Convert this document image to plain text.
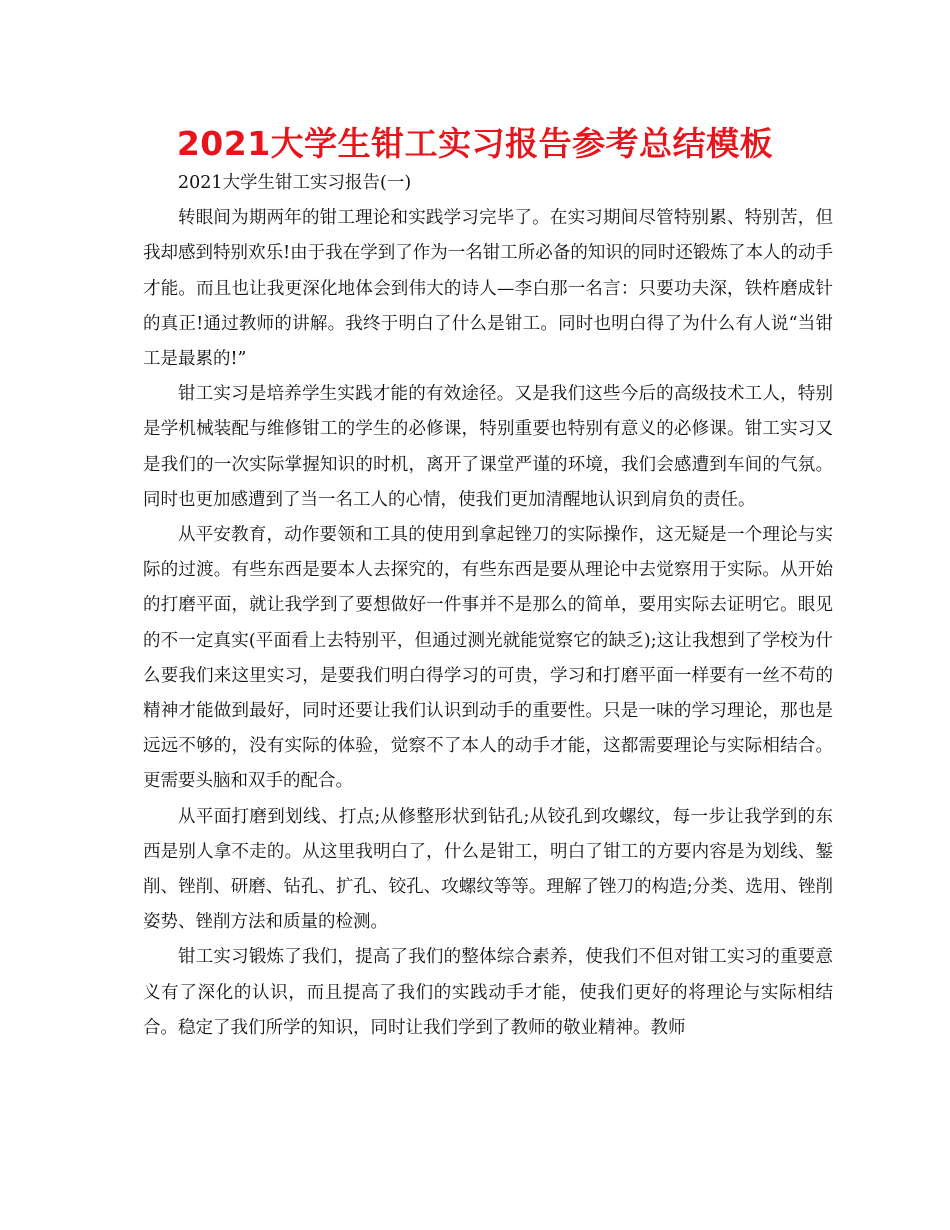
2021大学生钳工实习报告参考总结模板

2021大学生钳工实习报告(一)

转眼间为期两年的钳工理论和实践学习完毕了。在实习期间尽管特别累、特别苦，但我却感到特别欢乐!由于我在学到了作为一名钳工所必备的知识的同时还锻炼了本人的动手才能。而且也让我更深化地体会到伟大的诗人—李白那一名言：只要功夫深，铁杵磨成针的真正!通过教师的讲解。我终于明白了什么是钳工。同时也明白得了为什么有人说“当钳工是最累的!”

钳工实习是培养学生实践才能的有效途径。又是我们这些今后的高级技术工人，特别是学机械装配与维修钳工的学生的必修课，特别重要也特别有意义的必修课。钳工实习又是我们的一次实际掌握知识的时机，离开了课堂严谨的环境，我们会感遭到车间的气氛。同时也更加感遭到了当一名工人的心情，使我们更加清醒地认识到肩负的责任。

从平安教育，动作要领和工具的使用到拿起锉刀的实际操作，这无疑是一个理论与实际的过渡。有些东西是要本人去探究的，有些东西是要从理论中去觉察用于实际。从开始的打磨平面，就让我学到了要想做好一件事并不是那么的简单，要用实际去证明它。眼见的不一定真实(平面看上去特别平，但通过测光就能觉察它的缺乏);这让我想到了学校为什么要我们来这里实习，是要我们明白得学习的可贵，学习和打磨平面一样要有一丝不苟的精神才能做到最好，同时还要让我们认识到动手的重要性。只是一味的学习理论，那也是远远不够的，没有实际的体验，觉察不了本人的动手才能，这都需要理论与实际相结合。更需要头脑和双手的配合。

从平面打磨到划线、打点;从修整形状到钻孔;从铰孔到攻螺纹，每一步让我学到的东西是别人拿不走的。从这里我明白了，什么是钳工，明白了钳工的方要内容是为划线、錾削、锉削、研磨、钻孔、扩孔、铰孔、攻螺纹等等。理解了锉刀的构造;分类、选用、锉削姿势、锉削方法和质量的检测。

钳工实习锻炼了我们，提高了我们的整体综合素养，使我们不但对钳工实习的重要意义有了深化的认识，而且提高了我们的实践动手才能，使我们更好的将理论与实际相结合。稳定了我们所学的知识，同时让我们学到了教师的敬业精神。教师
